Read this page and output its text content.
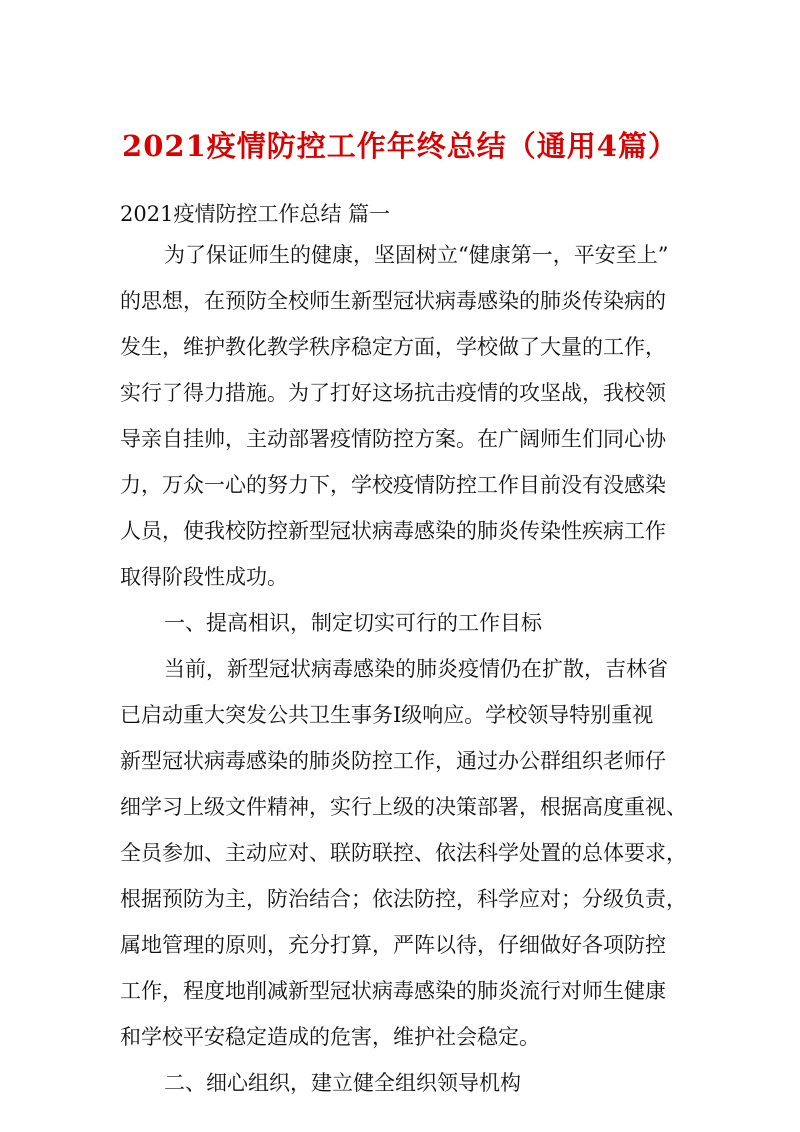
2021疫情防控工作年终总结（通用4篇）

2021疫情防控工作总结 篇一

为了保证师生的健康，坚固树立“健康第一，平安至上”
的思想，在预防全校师生新型冠状病毒感染的肺炎传染病的
发生，维护教化教学秩序稳定方面，学校做了大量的工作，
实行了得力措施。为了打好这场抗击疫情的攻坚战，我校领
导亲自挂帅，主动部署疫情防控方案。在广阔师生们同心协
力，万众一心的努力下，学校疫情防控工作目前没有没感染
人员，使我校防控新型冠状病毒感染的肺炎传染性疾病工作
取得阶段性成功。

一、提高相识，制定切实可行的工作目标

当前，新型冠状病毒感染的肺炎疫情仍在扩散，吉林省
已启动重大突发公共卫生事务Ⅰ级响应。学校领导特别重视
新型冠状病毒感染的肺炎防控工作，通过办公群组织老师仔
细学习上级文件精神，实行上级的决策部署，根据高度重视、
全员参加、主动应对、联防联控、依法科学处置的总体要求，
根据预防为主，防治结合；依法防控，科学应对；分级负责，
属地管理的原则，充分打算，严阵以待，仔细做好各项防控
工作，程度地削减新型冠状病毒感染的肺炎流行对师生健康
和学校平安稳定造成的危害，维护社会稳定。

二、细心组织，建立健全组织领导机构
